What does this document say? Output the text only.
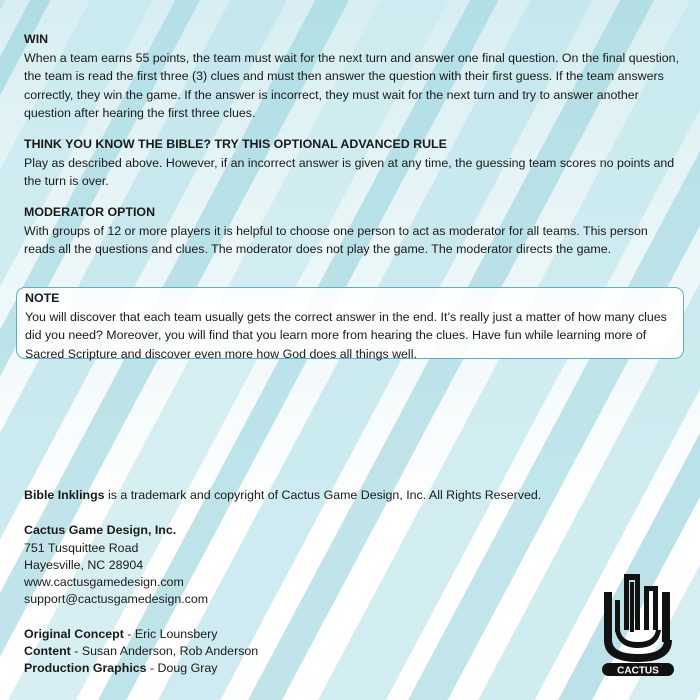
WIN

When a team earns 55 points, the team must wait for the next turn and answer one final question. On the final question, the team is read the first three (3) clues and must then answer the question with their first guess. If the team answers correctly, they win the game. If the answer is incorrect, they must wait for the next turn and try to answer another question after hearing the first three clues.

THINK YOU KNOW THE BIBLE? TRY THIS OPTIONAL ADVANCED RULE

Play as described above. However, if an incorrect answer is given at any time, the guessing team scores no points and the turn is over.

MODERATOR OPTION

With groups of 12 or more players it is helpful to choose one person to act as moderator for all teams. This person reads all the questions and clues. The moderator does not play the game. The moderator directs the game.

NOTE

You will discover that each team usually gets the correct answer in the end. It’s really just a matter of how many clues did you need? Moreover, you will find that you learn more from hearing the clues. Have fun while learning more of Sacred Scripture and discover even more how God does all things well.

Bible Inklings is a trademark and copyright of Cactus Game Design, Inc. All Rights Reserved.
Cactus Game Design, Inc.
751 Tusquittee Road
Hayesville, NC 28904
www.cactusgamedesign.com
support@cactusgamedesign.com
Original Concept - Eric Lounsbery
Content - Susan Anderson, Rob Anderson
Production Graphics - Doug Gray	CACTUS
